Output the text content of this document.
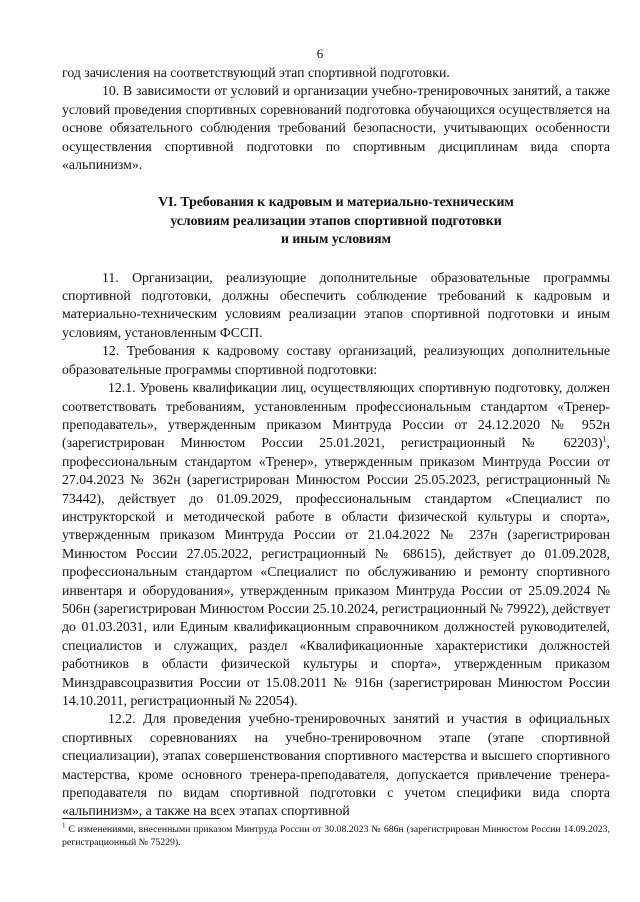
6

год зачисления на соответствующий этап спортивной подготовки.

10. В зависимости от условий и организации учебно-тренировочных занятий, а также условий проведения спортивных соревнований подготовка обучающихся осуществляется на основе обязательного соблюдения требований безопасности, учитывающих особенности осуществления спортивной подготовки по спортивным дисциплинам вида спорта «альпинизм».

VI. Требования к кадровым и материально-техническим
условиям реализации этапов спортивной подготовки
и иным условиям

11. Организации, реализующие дополнительные образовательные программы спортивной подготовки, должны обеспечить соблюдение требований к кадровым и материально-техническим условиям реализации этапов спортивной подготовки и иным условиям, установленным ФССП.

12. Требования к кадровому составу организаций, реализующих дополнительные образовательные программы спортивной подготовки:

12.1. Уровень квалификации лиц, осуществляющих спортивную подготовку, должен соответствовать требованиям, установленным профессиональным стандартом «Тренер-преподаватель», утвержденным приказом Минтруда России от 24.12.2020 № 952н (зарегистрирован Минюстом России 25.01.2021, регистрационный № 62203)$^1$, профессиональным стандартом «Тренер», утвержденным приказом Минтруда России от 27.04.2023 № 362н (зарегистрирован Минюстом России 25.05.2023, регистрационный № 73442), действует до 01.09.2029, профессиональным стандартом «Специалист по инструкторской и методической работе в области физической культуры и спорта», утвержденным приказом Минтруда России от 21.04.2022 № 237н (зарегистрирован Минюстом России 27.05.2022, регистрационный № 68615), действует до 01.09.2028, профессиональным стандартом «Специалист по обслуживанию и ремонту спортивного инвентаря и оборудования», утвержденным приказом Минтруда России от 25.09.2024 № 506н (зарегистрирован Минюстом России 25.10.2024, регистрационный № 79922), действует до 01.03.2031, или Единым квалификационным справочником должностей руководителей, специалистов и служащих, раздел «Квалификационные характеристики должностей работников в области физической культуры и спорта», утвержденным приказом Минздравсоцразвития России от 15.08.2011 № 916н (зарегистрирован Минюстом России 14.10.2011, регистрационный № 22054).

12.2. Для проведения учебно-тренировочных занятий и участия в официальных спортивных соревнованиях на учебно-тренировочном этапе (этапе спортивной специализации), этапах совершенствования спортивного мастерства и высшего спортивного мастерства, кроме основного тренера-преподавателя, допускается привлечение тренера-преподавателя по видам спортивной подготовки с учетом специфики вида спорта «альпинизм», а также на всех этапах спортивной

$^1$ С изменениями, внесенными приказом Минтруда России от 30.08.2023 № 686н (зарегистрирован Минюстом России 14.09.2023, регистрационный № 75229).
